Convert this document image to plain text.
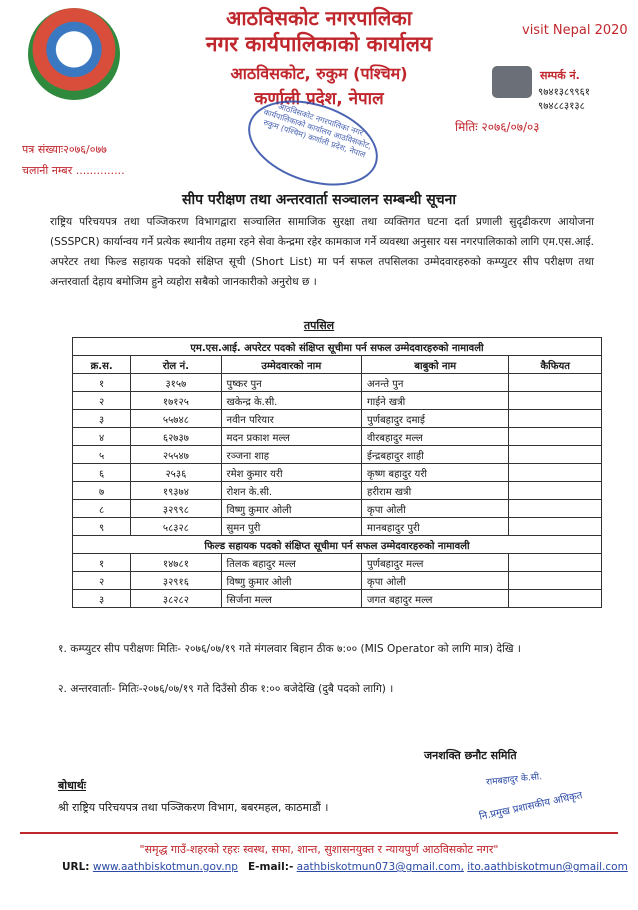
आठविसकोट नगरपालिका
नगर कार्यपालिकाको कार्यालय
आठविसकोट, रुकुम (पश्चिम)
कर्णाली प्रदेश, नेपाल
visit Nepal 2020
सम्पर्क नं.
९७४१३८९९६१
९७४८८३१३८
आठविसकोट नगरपालिका नगर कार्यपालिकाको कार्यालय आठविसकोट, रुकुम (पश्चिम) कर्णाली प्रदेश, नेपाल	मितिः २०७६/०७/०३
पत्र संख्याः२०७६/०७७
चलानी नम्बर ..............
सीप परीक्षण तथा अन्तरवार्ता सञ्चालन सम्बन्धी सूचना
राष्ट्रिय परिचयपत्र तथा पञ्जिकरण विभागद्वारा सञ्चालित सामाजिक सुरक्षा तथा व्यक्तिगत घटना दर्ता प्रणाली सुदृढीकरण आयोजना (SSSPCR) कार्यान्वय गर्ने प्रत्येक स्थानीय तहमा रहने सेवा केन्द्रमा रहेर कामकाज गर्ने व्यवस्था अनुसार यस नगरपालिकाको लागि एम.एस.आई. अपरेटर तथा फिल्ड सहायक पदको संक्षिप्त सूची (Short List) मा पर्न सफल तपसिलका उम्मेदवारहरुको कम्प्युटर सीप परीक्षण तथा अन्तरवार्ता देहाय बमोजिम हुने व्यहोरा सबैको जानकारीको अनुरोध छ ।
तपसिल
एम.एस.आई. अपरेटर पदको संक्षिप्त सूचीमा पर्न सफल उम्मेदवारहरुको नामावली				
क्र.स.	रोल नं.	उम्मेदवारको नाम	बाबुको नाम	कैफियत
१	३१५७	पुष्कर पुन	अनन्ते पुन	
२	१७१२५	खकेन्द्र के.सी.	गाईने खत्री	
३	५५७४८	नवीन परियार	पुर्णबहादुर दमाई	
४	६२७३७	मदन प्रकाश मल्ल	वीरबहादुर मल्ल	
५	२५५४७	रञ्जना शाह	ईन्द्रबहादुर शाही	
६	२५३६	रमेश कुमार यरी	कृष्ण बहादुर यरी	
७	१९३७४	रोशन के.सी.	हरीराम खत्री	
८	३२९९८	विष्णु कुमार ओली	कृपा ओली	
९	५८३२८	सुमन पुरी	मानबहादुर पुरी	
फिल्ड सहायक पदको संक्षिप्त सूचीमा पर्न सफल उम्मेदवारहरुको नामावली				
१	१४७८१	तिलक बहादुर मल्ल	पुर्णबहादुर मल्ल	
२	३२९१६	विष्णु कुमार ओली	कृपा ओली	
३	३८२८२	सिर्जना मल्ल	जगत बहादुर मल्ल	
१. कम्प्युटर सीप परीक्षणः मितिः- २०७६/०७/१९ गते मंगलवार बिहान ठीक ७:०० (MIS Operator को लागि मात्र) देखि ।
२. अन्तरवार्ताः- मितिः-२०७६/०७/१९ गते दिउँसो ठीक १:०० बजेदेखि (दुबै पदको लागि) ।
जनशक्ति छनौट समिति
रामबहादुर के.सी.
नि.प्रमुख प्रशासकीय अधिकृत
बोधार्थः
श्री राष्ट्रिय परिचयपत्र तथा पञ्जिकरण विभाग, बबरमहल, काठमाडौं ।
"समृद्ध गाउँ-शहरको रहरः स्वस्थ, सफा, शान्त, सुशासनयुक्त र न्यायपुर्ण आठविसकोट नगर"
URL: www.aathbiskotmun.gov.np E-mail:- aathbiskotmun073@gmail.com, ito.aathbiskotmun@gmail.com
